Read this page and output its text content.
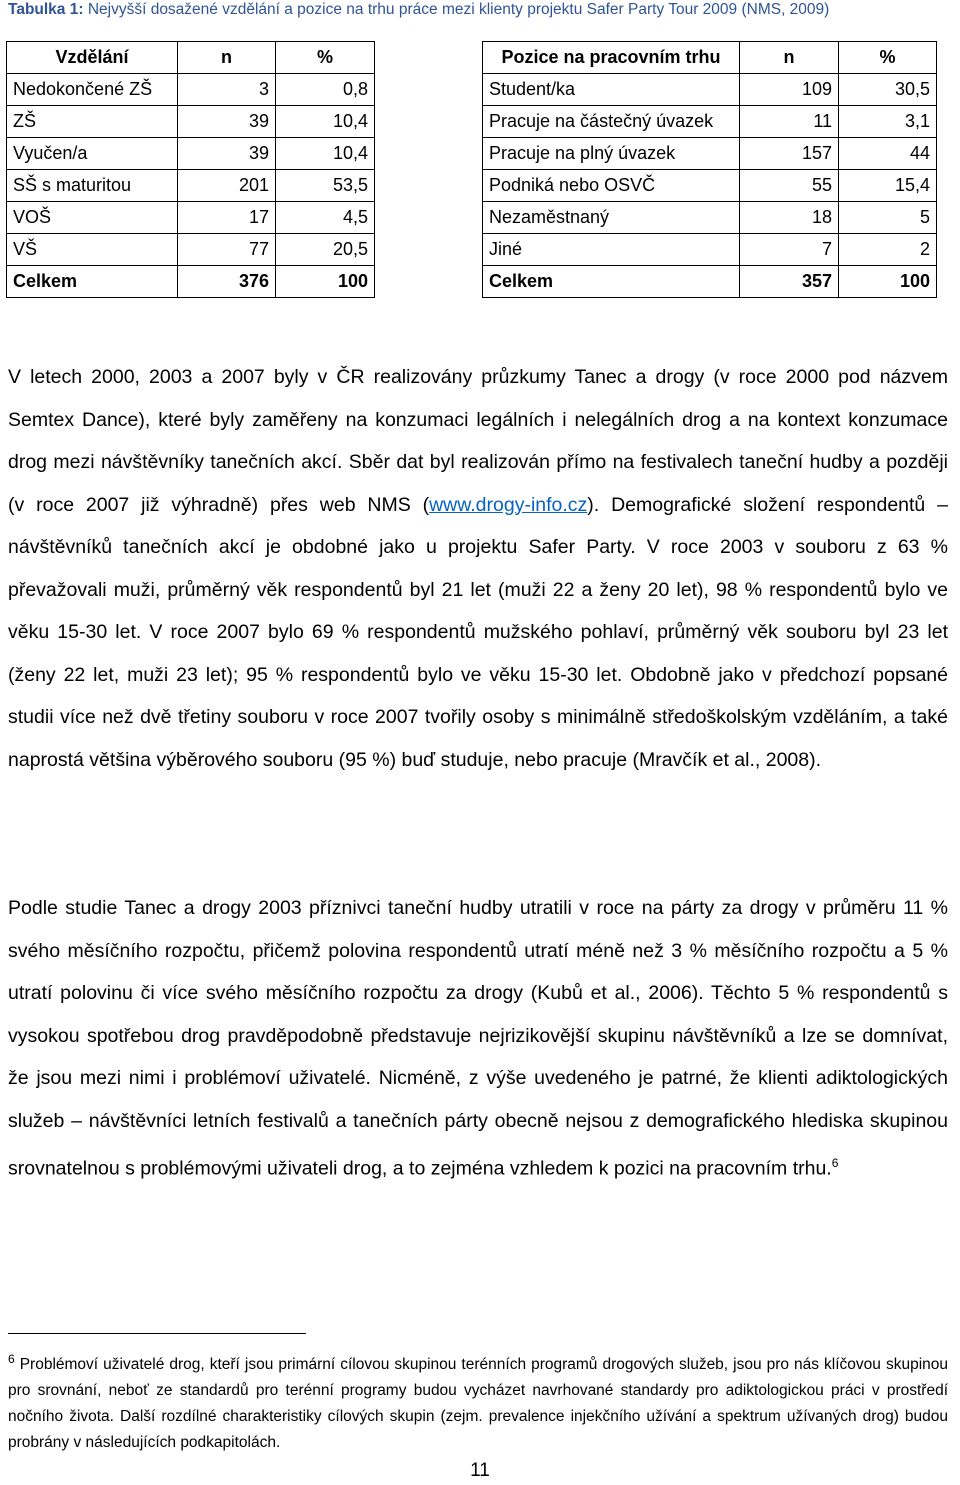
Tabulka 1: Nejvyšší dosažené vzdělání a pozice na trhu práce mezi klienty projektu Safer Party Tour 2009 (NMS, 2009)
Vzdělání	n	%
Nedokončené ZŠ	3	0,8
ZŠ	39	10,4
Vyučen/a	39	10,4
SŠ s maturitou	201	53,5
VOŠ	17	4,5
VŠ	77	20,5
Celkem	376	100
Pozice na pracovním trhu	n	%
Student/ka	109	30,5
Pracuje na částečný úvazek	11	3,1
Pracuje na plný úvazek	157	44
Podniká nebo OSVČ	55	15,4
Nezaměstnaný	18	5
Jiné	7	2
Celkem	357	100

V letech 2000, 2003 a 2007 byly v ČR realizovány průzkumy Tanec a drogy (v roce 2000 pod názvem Semtex Dance), které byly zaměřeny na konzumaci legálních i nelegálních drog a na kontext konzumace drog mezi návštěvníky tanečních akcí. Sběr dat byl realizován přímo na festivalech taneční hudby a později (v roce 2007 již výhradně) přes web NMS (www.drogy-info.cz). Demografické složení respondentů – návštěvníků tanečních akcí je obdobné jako u projektu Safer Party. V roce 2003 v souboru z 63 % převažovali muži, průměrný věk respondentů byl 21 let (muži 22 a ženy 20 let), 98 % respondentů bylo ve věku 15-30 let. V roce 2007 bylo 69 % respondentů mužského pohlaví, průměrný věk souboru byl 23 let (ženy 22 let, muži 23 let); 95 % respondentů bylo ve věku 15-30 let. Obdobně jako v předchozí popsané studii více než dvě třetiny souboru v roce 2007 tvořily osoby s minimálně středoškolským vzděláním, a také naprostá většina výběrového souboru (95 %) buď studuje, nebo pracuje (Mravčík et al., 2008).

Podle studie Tanec a drogy 2003 příznivci taneční hudby utratili v roce na párty za drogy v průměru 11 % svého měsíčního rozpočtu, přičemž polovina respondentů utratí méně než 3 % měsíčního rozpočtu a 5 % utratí polovinu či více svého měsíčního rozpočtu za drogy (Kubů et al., 2006). Těchto 5 % respondentů s vysokou spotřebou drog pravděpodobně představuje nejrizikovější skupinu návštěvníků a lze se domnívat, že jsou mezi nimi i problémoví uživatelé. Nicméně, z výše uvedeného je patrné, že klienti adiktologických služeb – návštěvníci letních festivalů a tanečních párty obecně nejsou z demografického hlediska skupinou srovnatelnou s problémovými uživateli drog, a to zejména vzhledem k pozici na pracovním trhu.$^6$

$^6$ Problémoví uživatelé drog, kteří jsou primární cílovou skupinou terénních programů drogových služeb, jsou pro nás klíčovou skupinou pro srovnání, neboť ze standardů pro terénní programy budou vycházet navrhované standardy pro adiktologickou práci v prostředí nočního života. Další rozdílné charakteristiky cílových skupin (zejm. prevalence injekčního užívání a spektrum užívaných drog) budou probrány v následujících podkapitolách.

11
